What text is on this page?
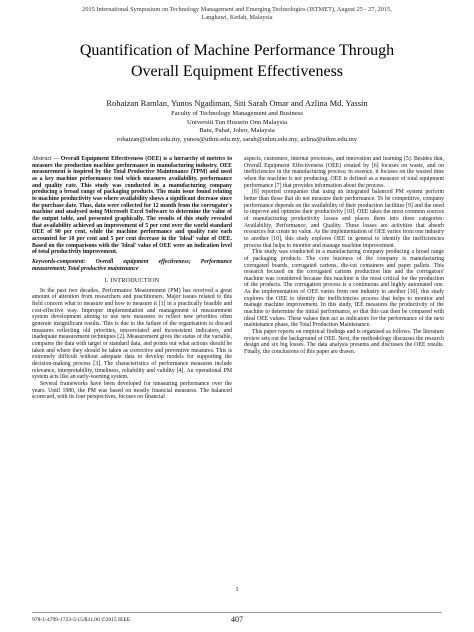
2015 International Symposium on Technology Management and Emerging Technologies (ISTMET), August 25 - 27, 2015,
Langkawi, Kedah, Malaysia
Quantification of Machine Performance Through
Overall Equipment Effectiveness
Rohaizan Ramlan, Yunos Ngadiman, Siti Sarah Omar and Azlina Md. Yassin
Faculty of Technology Management and Business
Universiti Tun Hussein Onn Malaysia
Batu, Pahat, Johor, Malaysia
rohaizan@uthm.edu.my, yunos@uthm.edu.my, sarah@uthm.edu.my, azlina@uthm.edu.my

Abstract — Overall Equipment Effectiveness (OEE) is a hierarchy of metrics to measure the production machine performance in manufacturing industry. OEE measurement is inspired by the Total Productive Maintenance (TPM) and used as a key machine performance tool which measures availability, performance and quality rate. This study was conducted in a manufacturing company producing a broad range of packaging products. The main issue found relating to machine productivity was where availability shows a significant decrease since the purchase date. Thus, data were collected for 12 month from the corrugator's machine and analysed using Microsoft Excel Software to determine the value of the output table, and presented graphically. The results of this study revealed that availability achieved an improvement of 5 per cent over the world standard OEE of 90 per cent, while the machine performance and quality rate each accounted for 10 per cent and 5 per cent decrease in the 'Ideal' value of OEE. Based on the comparisons with the 'Ideal' value of OEE were an indication level of total productivity improvement.

Keywords-component: Overall equipment effectiveness; Performance measurement; Total productive maintenance

I. INTRODUCTION

In the past two decades, Performance Measurement (PM) has received a great amount of attention from researchers and practitioners. Major issues related to this field concern what to measure and how to measure it [1] in a practically feasible and cost-effective way. Improper implementation and management of measurement system development aiming to use new measures to reflect new priorities often generate insignificant results. This is due to the failure of the organisation to discard measures reflecting old priorities, uncorrelated and inconsistent indicators, and inadequate measurement techniques [2]. Measurement gives the status of the variable, compares the data with target or standard data, and points out what actions should be taken and where they should be taken as corrective and preventive measures. This is extremely difficult without adequate data to develop models for supporting the decision-making process [3]. The characteristics of performance measures include relevance, interpretability, timeliness, reliability and validity [4]. An operational PM system acts like an early-warning system.

Several frameworks have been developed for measuring performance over the years. Until 1980, the PM was based on mostly financial measures. The balanced scorecard, with its four perspectives, focuses on financial

aspects, customers, internal processes, and innovation and learning [5]. Besides that, Overall Equipment Effectiveness (OEE) created by [6] focuses on waste, and on inefficiencies in the manufacturing process; in essence, it focuses on the wasted time when the machine is not producing. OEE is defined as a measure of total equipment performance [7] that provides information about the process.

[8] reported companies that using an integrated balanced PM system perform better than those that do not measure their performance. To be competitive, company performance depends on the availability of their production facilities [9] and the need to improve and optimise their productivity [10]. OEE takes the most common sources of manufacturing productivity losses and places them into three categories: Availability, Performance, and Quality. These losses are activities that absorb resources but create no value. As the implementation of OEE varies from one industry to another [10], this study explores OEE in general to identify the inefficiencies process that helps to monitor and manage machine improvement.

This study was conducted in a manufacturing company producing a broad range of packaging products. The core business of the company is manufacturing corrugated boards, corrugated cartons, die-cut containers and paper pallets. This research focused on the corrugated cartons production line and the corrugators' machine was considered because this machine is the most critical for the production of the products. The corrugation process is a continuous and highly automated one. As the implementation of OEE varies from one industry to another [10], this study explores the OEE to identify the inefficiencies process that helps to monitor and manage machine improvement. In this study, IEE measures the productivity of the machine to determine the initial performance, so that this can then be compared with ideal OEE values. These values then act as indicators for the performance of the next maintenance phase, the Total Production Maintenance.

This paper reports on empirical findings and is organised as follows. The literature review sets out the background of OEE. Next, the methodology discusses the research design and six big losses. The data analysis presents and discusses the OEE results. Finally, the conclusions of this paper are drawn.

1
978-1-4799-1723-5/15/$31.00 ©2015 IEEE	407
